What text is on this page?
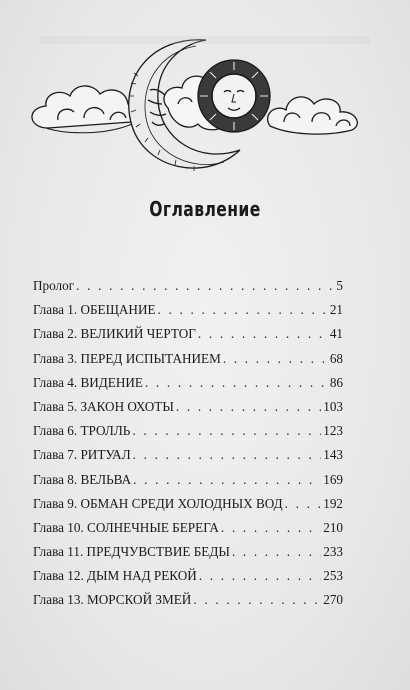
Оглавление
Пролог . . .	5
Глава 1. ОБЕЩАНИЕ . . .	21
Глава 2. ВЕЛИКИЙ ЧЕРТОГ . . .	41
Глава 3. ПЕРЕД ИСПЫТАНИЕМ . . .	68
Глава 4. ВИДЕНИЕ . . .	86
Глава 5. ЗАКОН ОХОТЫ . . .	103
Глава 6. ТРОЛЛЬ . . .	123
Глава 7. РИТУАЛ . . .	143
Глава 8. ВЕЛЬВА . . .	169
Глава 9. ОБМАН СРЕДИ ХОЛОДНЫХ ВОД . . .	192
Глава 10. СОЛНЕЧНЫЕ БЕРЕГА . . .	210
Глава 11. ПРЕДЧУВСТВИЕ БЕДЫ . . .	233
Глава 12. ДЫМ НАД РЕКОЙ . . .	253
Глава 13. МОРСКОЙ ЗМЕЙ . . .	270
